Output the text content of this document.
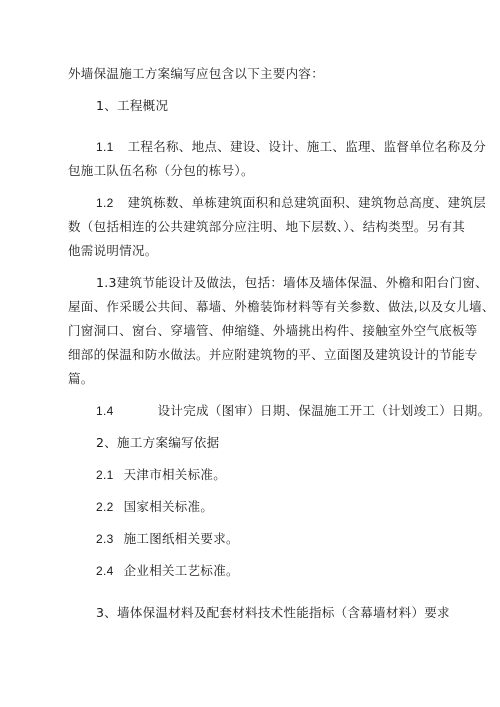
外墙保温施工方案编写应包含以下主要内容：
1、工程概况
1.1 工程名称、地点、建设、设计、施工、监理、监督单位名称及分
包施工队伍名称（分包的栋号）。
1.2 建筑栋数、单栋建筑面积和总建筑面积、建筑物总高度、建筑层
数（包括相连的公共建筑部分应注明、地下层数、）、结构类型。另有其
他需说明情况。
1.3建筑节能设计及做法，包括：墙体及墙体保温、外檐和阳台门窗、
屋面、作采暖公共间、幕墙、外檐装饰材料等有关参数、做法,以及女儿墙、
门窗洞口、窗台、穿墙管、伸缩缝、外墙挑出构件、接触室外空气底板等
细部的保温和防水做法。并应附建筑物的平、立面图及建筑设计的节能专
篇。
1.4	设计完成（图审）日期、保温施工开工（计划竣工）日期。
2、施工方案编写依据
2.1 天津市相关标准。
2.2 国家相关标准。
2.3 施工图纸相关要求。
2.4 企业相关工艺标准。
3、墙体保温材料及配套材料技术性能指标（含幕墙材料）要求
